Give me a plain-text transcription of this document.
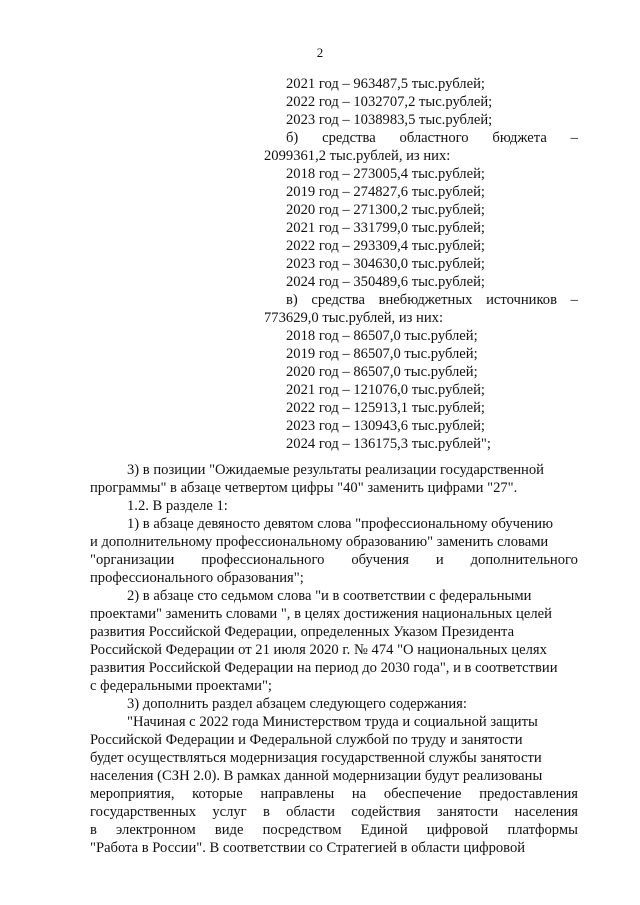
2
2021 год – 963487,5 тыс.рублей;
2022 год – 1032707,2 тыс.рублей;
2023 год – 1038983,5 тыс.рублей;
б) средства областного бюджета –
2099361,2 тыс.рублей, из них:
2018 год – 273005,4 тыс.рублей;
2019 год – 274827,6 тыс.рублей;
2020 год – 271300,2 тыс.рублей;
2021 год – 331799,0 тыс.рублей;
2022 год – 293309,4 тыс.рублей;
2023 год – 304630,0 тыс.рублей;
2024 год – 350489,6 тыс.рублей;
в) средства внебюджетных источников –
773629,0 тыс.рублей, из них:
2018 год – 86507,0 тыс.рублей;
2019 год – 86507,0 тыс.рублей;
2020 год – 86507,0 тыс.рублей;
2021 год – 121076,0 тыс.рублей;
2022 год – 125913,1 тыс.рублей;
2023 год – 130943,6 тыс.рублей;
2024 год – 136175,3 тыс.рублей";
3) в позиции "Ожидаемые результаты реализации государственной
программы" в абзаце четвертом цифры "40" заменить цифрами "27".
1.2. В разделе 1:
1) в абзаце девяносто девятом слова "профессиональному обучению
и дополнительному профессиональному образованию" заменить словами
"организации профессионального обучения и дополнительного
профессионального образования";
2) в абзаце сто седьмом слова "и в соответствии с федеральными
проектами" заменить словами ", в целях достижения национальных целей
развития Российской Федерации, определенных Указом Президента
Российской Федерации от 21 июля 2020 г. № 474 "О национальных целях
развития Российской Федерации на период до 2030 года", и в соответствии
с федеральными проектами";
3) дополнить раздел абзацем следующего содержания:
"Начиная с 2022 года Министерством труда и социальной защиты
Российской Федерации и Федеральной службой по труду и занятости
будет осуществляться модернизация государственной службы занятости
населения (СЗН 2.0). В рамках данной модернизации будут реализованы
мероприятия, которые направлены на обеспечение предоставления
государственных услуг в области содействия занятости населения
в электронном виде посредством Единой цифровой платформы
"Работа в России". В соответствии со Стратегией в области цифровой
